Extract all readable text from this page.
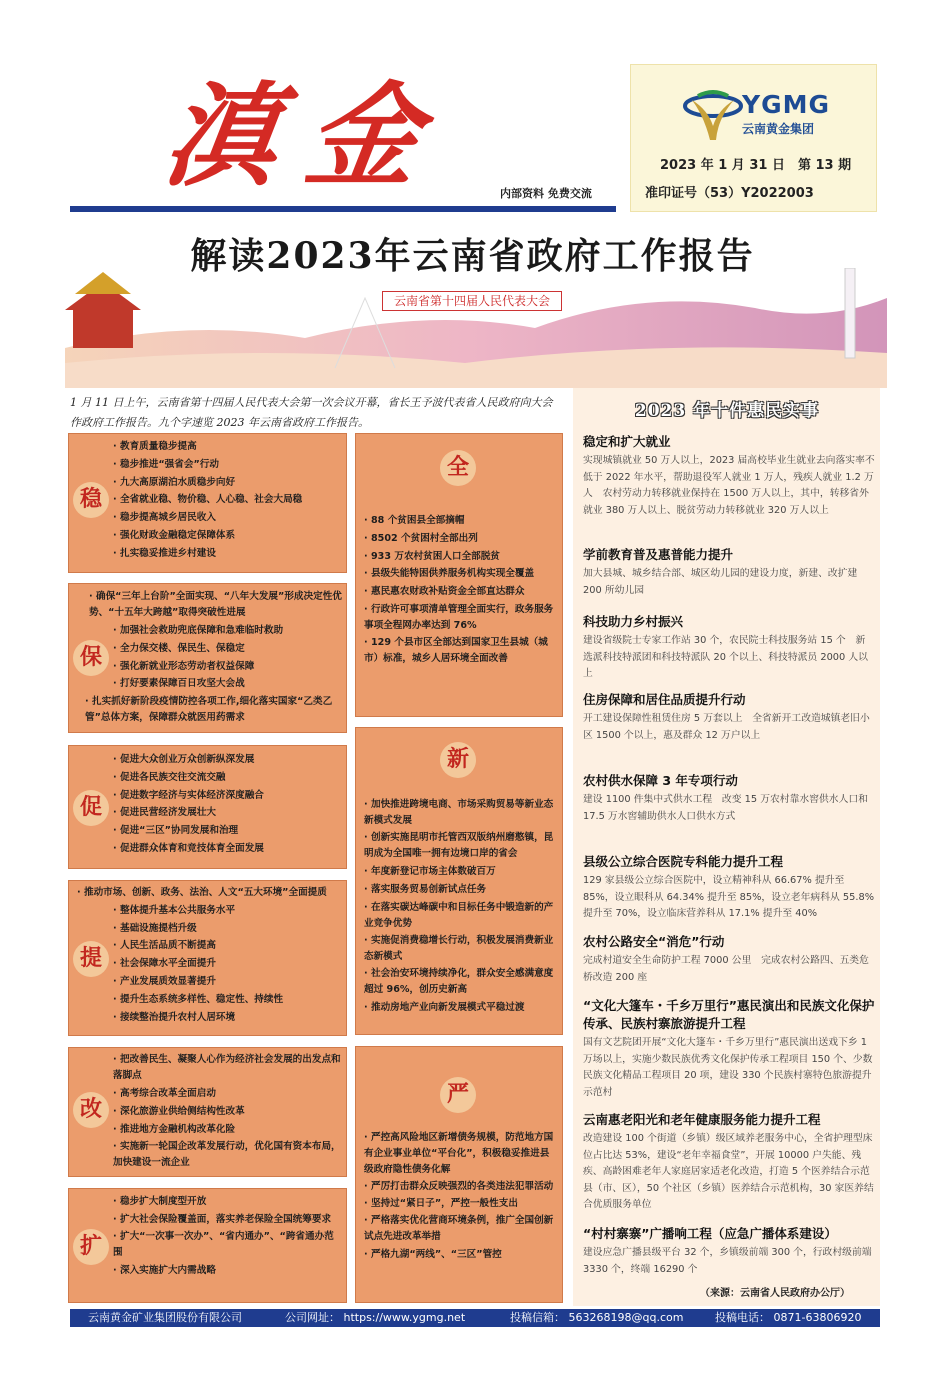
滇金	内部资料 免费交流
YGMG
云南黄金集团
2023 年 1 月 31 日　第 13 期
准印证号（53）Y2022003
解读2023年云南省政府工作报告
云南省第十四届人民代表大会
1 月 11 日上午，云南省第十四届人民代表大会第一次会议开幕，省长王予波代表省人民政府向大会作政府工作报告。九个字速览 2023 年云南省政府工作报告。
稳
· 教育质量稳步提高
· 稳步推进“强省会”行动
· 九大高原湖泊水质稳步向好
· 全省就业稳、物价稳、人心稳、社会大局稳
· 稳步提高城乡居民收入
· 强化财政金融稳定保障体系
· 扎实稳妥推进乡村建设
保
· 确保“三年上台阶”全面实现、“八年大发展”形成决定性优势、“十五年大跨越”取得突破性进展
· 加强社会救助兜底保障和急难临时救助
· 全力保交楼、保民生、保稳定
· 强化新就业形态劳动者权益保障
· 打好要素保障百日攻坚大会战
· 扎实抓好新阶段疫情防控各项工作,细化落实国家“乙类乙管”总体方案，保障群众就医用药需求
促
· 促进大众创业万众创新纵深发展
· 促进各民族交往交流交融
· 促进数字经济与实体经济深度融合
· 促进民营经济发展壮大
· 促进“三区”协同发展和治理
· 促进群众体育和竞技体育全面发展
提
· 推动市场、创新、政务、法治、人文“五大环境”全面提质
· 整体提升基本公共服务水平
· 基础设施提档升级
· 人民生活品质不断提高
· 社会保障水平全面提升
· 产业发展质效显著提升
· 提升生态系统多样性、稳定性、持续性
· 接续整治提升农村人居环境
改
· 把改善民生、凝聚人心作为经济社会发展的出发点和落脚点
· 高考综合改革全面启动
· 深化旅游业供给侧结构性改革
· 推进地方金融机构改革化险
· 实施新一轮国企改革发展行动，优化国有资本布局，加快建设一流企业
扩
· 稳步扩大制度型开放
· 扩大社会保险覆盖面，落实养老保险全国统筹要求
· 扩大“一次事一次办”、“省内通办”、“跨省通办范围
· 深入实施扩大内需战略
全
· 88 个贫困县全部摘帽
· 8502 个贫困村全部出列
· 933 万农村贫困人口全部脱贫
· 县级失能特困供养服务机构实现全覆盖
· 惠民惠农财政补贴资金全部直达群众
· 行政许可事项清单管理全面实行，政务服务事项全程网办率达到 76%
· 129 个县市区全部达到国家卫生县城（城市）标准，城乡人居环境全面改善
新
· 加快推进跨境电商、市场采购贸易等新业态新模式发展
· 创新实施昆明市托管西双版纳州磨憨镇，昆明成为全国唯一拥有边境口岸的省会
· 年度新登记市场主体数破百万
· 落实服务贸易创新试点任务
· 在落实碳达峰碳中和目标任务中锻造新的产业竞争优势
· 实施促消费稳增长行动，积极发展消费新业态新模式
· 社会治安环境持续净化，群众安全感满意度超过 96%，创历史新高
· 推动房地产业向新发展模式平稳过渡
严
· 严控高风险地区新增债务规模，防范地方国有企业事业单位“平台化”，积极稳妥推进县级政府隐性债务化解
· 严厉打击群众反映强烈的各类违法犯罪活动
· 坚持过“紧日子”，严控一般性支出
· 严格落实优化营商环境条例，推广全国创新试点先进改革举措
· 严格九湖“两线”、“三区”管控
2023 年十件惠民实事
稳定和扩大就业
实现城镇就业 50 万人以上，2023 届高校毕业生就业去向落实率不低于 2022 年水平，帮助退役军人就业 1 万人，残疾人就业 1.2 万人　农村劳动力转移就业保持在 1500 万人以上，其中，转移省外就业 380 万人以上、脱贫劳动力转移就业 320 万人以上
学前教育普及惠普能力提升
加大县城、城乡结合部、城区幼儿园的建设力度，新建、改扩建 200 所幼儿园
科技助力乡村振兴
建设省级院士专家工作站 30 个，农民院士科技服务站 15 个　新选派科技特派团和科技特派队 20 个以上、科技特派员 2000 人以上
住房保障和居住品质提升行动
开工建设保障性租赁住房 5 万套以上　全省新开工改造城镇老旧小区 1500 个以上，惠及群众 12 万户以上
农村供水保障 3 年专项行动
建设 1100 件集中式供水工程　改变 15 万农村靠水窖供水人口和 17.5 万水窖辅助供水人口供水方式
县级公立综合医院专科能力提升工程
129 家县级公立综合医院中，设立精神科从 66.67% 提升至 85%，设立眼科从 64.34% 提升至 85%，设立老年病科从 55.8% 提升至 70%，设立临床营养科从 17.1% 提升至 40%
农村公路安全“消危”行动
完成村道安全生命防护工程 7000 公里　完成农村公路四、五类危桥改造 200 座
“文化大篷车・千乡万里行”惠民演出和民族文化保护传承、民族村寨旅游提升工程
国有文艺院团开展“文化大篷车・千乡万里行”惠民演出送戏下乡 1 万场以上，实施少数民族优秀文化保护传承工程项目 150 个、少数民族文化精品工程项目 20 项，建设 330 个民族村寨特色旅游提升示范村
云南惠老阳光和老年健康服务能力提升工程
改造建设 100 个街道（乡镇）级区域养老服务中心，全省护理型床位占比达 53%，建设“老年幸福食堂”，开展 10000 户失能、残疾、高龄困难老年人家庭居家适老化改造，打造 5 个医养结合示范县（市、区），50 个社区（乡镇）医养结合示范机构，30 家医养结合优质服务单位
“村村寨寨”广播响工程（应急广播体系建设）
建设应急广播县级平台 32 个，乡镇级前端 300 个，行政村级前端 3330 个，终端 16290 个
（来源：云南省人民政府办公厅）
云南黄金矿业集团股份有限公司	公司网址： https://www.ygmg.net	投稿信箱： 563268198@qq.com	投稿电话： 0871-63806920
